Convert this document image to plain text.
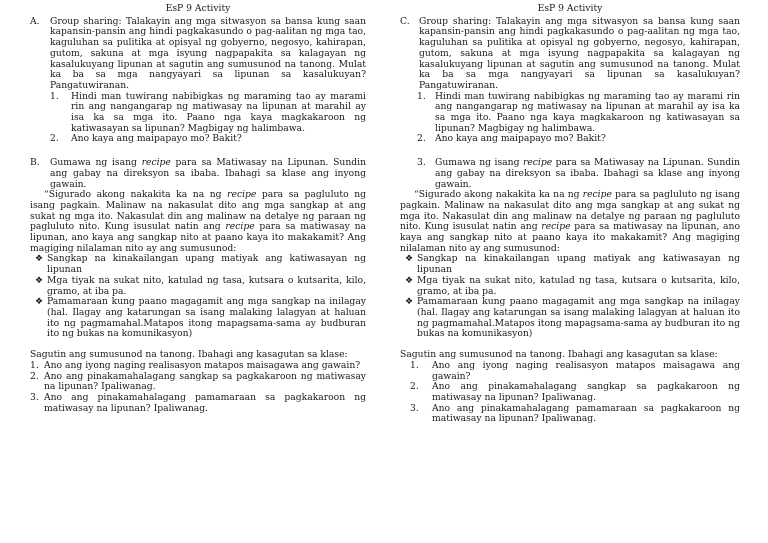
EsP 9 Activity
A.	Group sharing: Talakayin ang mga sitwasyon sa bansa kung saan kapansin-pansin ang hindi pagkakasundo o pag-aalitan ng mga tao, kaguluhan sa pulitika at opisyal ng gobyerno, negosyo, kahirapan, gutom, sakuna at mga isyung nagpapakita sa kalagayan ng kasalukuyang lipunan at sagutin ang sumusunod na tanong. Mulat ka ba sa mga nangyayari sa lipunan sa kasalukuyan? Pangatuwiranan.
1.	Hindi man tuwirang nabibigkas ng maraming tao ay marami rin ang nangangarap ng matiwasay na lipunan at marahil ay isa ka sa mga ito. Paano nga kaya magkakaroon ng katiwasayan sa lipunan? Magbigay ng halimbawa.
2.	Ano kaya ang maipapayo mo? Bakit?
B.	Gumawa ng isang recipe para sa Matiwasay na Lipunan. Sundin ang gabay na direksyon sa ibaba. Ibahagi sa klase ang inyong gawain.

“Sigurado akong nakakita ka na ng recipe para sa pagluluto ng isang pagkain. Malinaw na nakasulat dito ang mga sangkap at ang sukat ng mga ito. Nakasulat din ang malinaw na detalye ng paraan ng pagluluto nito. Kung isusulat natin ang recipe para sa matiwasay na lipunan, ano kaya ang sangkap nito at paano kaya ito makakamit? Ang magiging nilalaman nito ay ang sumusunod:

❖ Sangkap na kinakailangan upang matiyak ang katiwasayan ng lipunan
❖ Mga tiyak na sukat nito, katulad ng tasa, kutsara o kutsarita, kilo, gramo, at iba pa.
❖ Pamamaraan kung paano magagamit ang mga sangkap na inilagay (hal. Ilagay ang katarungan sa isang malaking lalagyan at haluan ito ng pagmamahal.Matapos itong mapagsama-sama ay budburan ito ng bukas na komunikasyon)

Sagutin ang sumusunod na tanong. Ibahagi ang kasagutan sa klase:

1. Ano ang iyong naging realisasyon matapos maisagawa ang gawain?
2. Ano ang pinakamahalagang sangkap sa pagkakaroon ng matiwasay na lipunan? Ipaliwanag.
3. Ano ang pinakamahalagang pamamaraan sa pagkakaroon ng matiwasay na lipunan? Ipaliwanag.
EsP 9 Activity
C.	Group sharing: Talakayin ang mga sitwasyon sa bansa kung saan kapansin-pansin ang hindi pagkakasundo o pag-aalitan ng mga tao, kaguluhan sa pulitika at opisyal ng gobyerno, negosyo, kahirapan, gutom, sakuna at mga isyung nagpapakita sa kalagayan ng kasalukuyang lipunan at sagutin ang sumusunod na tanong. Mulat ka ba sa mga nangyayari sa lipunan sa kasalukuyan? Pangatuwiranan.
1.	Hindi man tuwirang nabibigkas ng maraming tao ay marami rin ang nangangarap ng matiwasay na lipunan at marahil ay isa ka sa mga ito. Paano nga kaya magkakaroon ng katiwasayan sa lipunan? Magbigay ng halimbawa.
2.	Ano kaya ang maipapayo mo? Bakit?
3.	Gumawa ng isang recipe para sa Matiwasay na Lipunan. Sundin ang gabay na direksyon sa ibaba. Ibahagi sa klase ang inyong gawain.

“Sigurado akong nakakita ka na ng recipe para sa pagluluto ng isang pagkain. Malinaw na nakasulat dito ang mga sangkap at ang sukat ng mga ito. Nakasulat din ang malinaw na detalye ng paraan ng pagluluto nito. Kung isusulat natin ang recipe para sa matiwasay na lipunan, ano kaya ang sangkap nito at paano kaya ito makakamit? Ang magiging nilalaman nito ay ang sumusunod:

❖ Sangkap na kinakailangan upang matiyak ang katiwasayan ng lipunan
❖ Mga tiyak na sukat nito, katulad ng tasa, kutsara o kutsarita, kilo, gramo, at iba pa.
❖ Pamamaraan kung paano magagamit ang mga sangkap na inilagay (hal. Ilagay ang katarungan sa isang malaking lalagyan at haluan ito ng pagmamahal.Matapos itong mapagsama-sama ay budburan ito ng bukas na komunikasyon)

Sagutin ang sumusunod na tanong. Ibahagi ang kasagutan sa klase:

1.	Ano ang iyong naging realisasyon matapos maisagawa ang gawain?
2.	Ano ang pinakamahalagang sangkap sa pagkakaroon ng matiwasay na lipunan? Ipaliwanag.
3.	Ano ang pinakamahalagang pamamaraan sa pagkakaroon ng matiwasay na lipunan? Ipaliwanag.
